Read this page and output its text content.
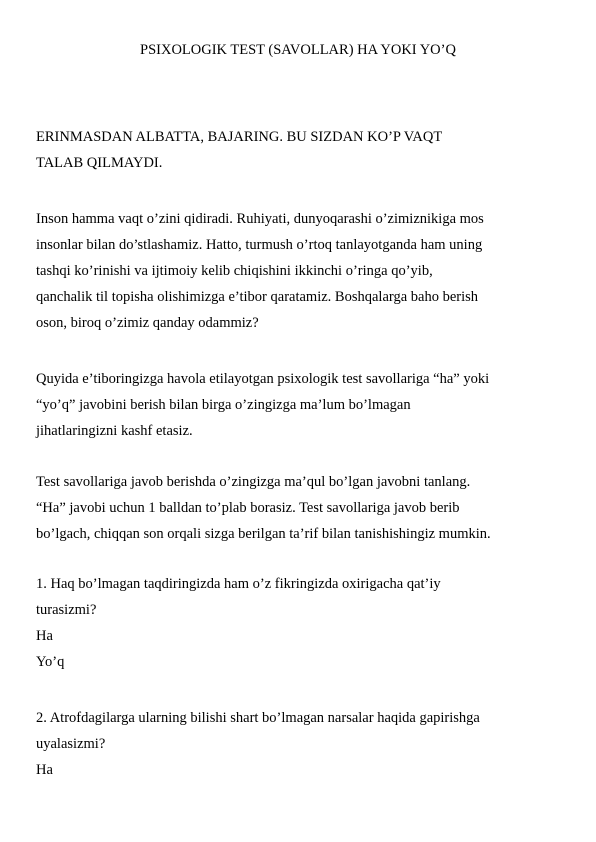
PSIXOLOGIK TEST (SAVOLLAR) HA YOKI YO’Q

ERINMASDAN ALBATTA, BAJARING. BU SIZDAN KO’P VAQT
TALAB QILMAYDI.

Inson hamma vaqt o’zini qidiradi. Ruhiyati, dunyoqarashi o’zimiznikiga mos
insonlar bilan do’stlashamiz. Hatto, turmush o’rtoq tanlayotganda ham uning
tashqi ko’rinishi va ijtimoiy kelib chiqishini ikkinchi o’ringa qo’yib,
qanchalik til topisha olishimizga e’tibor qaratamiz. Boshqalarga baho berish
oson, biroq o’zimiz qanday odammiz?

Quyida e’tiboringizga havola etilayotgan psixologik test savollariga “ha” yoki
“yo’q” javobini berish bilan birga o’zingizga ma’lum bo’lmagan
jihatlaringizni kashf etasiz.

Test savollariga javob berishda o’zingizga ma’qul bo’lgan javobni tanlang.
“Ha” javobi uchun 1 balldan to’plab borasiz. Test savollariga javob berib
bo’lgach, chiqqan son orqali sizga berilgan ta’rif bilan tanishishingiz mumkin.

1. Haq bo’lmagan taqdiringizda ham o’z fikringizda oxirigacha qat’iy
turasizmi?
Ha
Yo’q
2. Atrofdagilarga ularning bilishi shart bo’lmagan narsalar haqida gapirishga
uyalasizmi?
Ha
